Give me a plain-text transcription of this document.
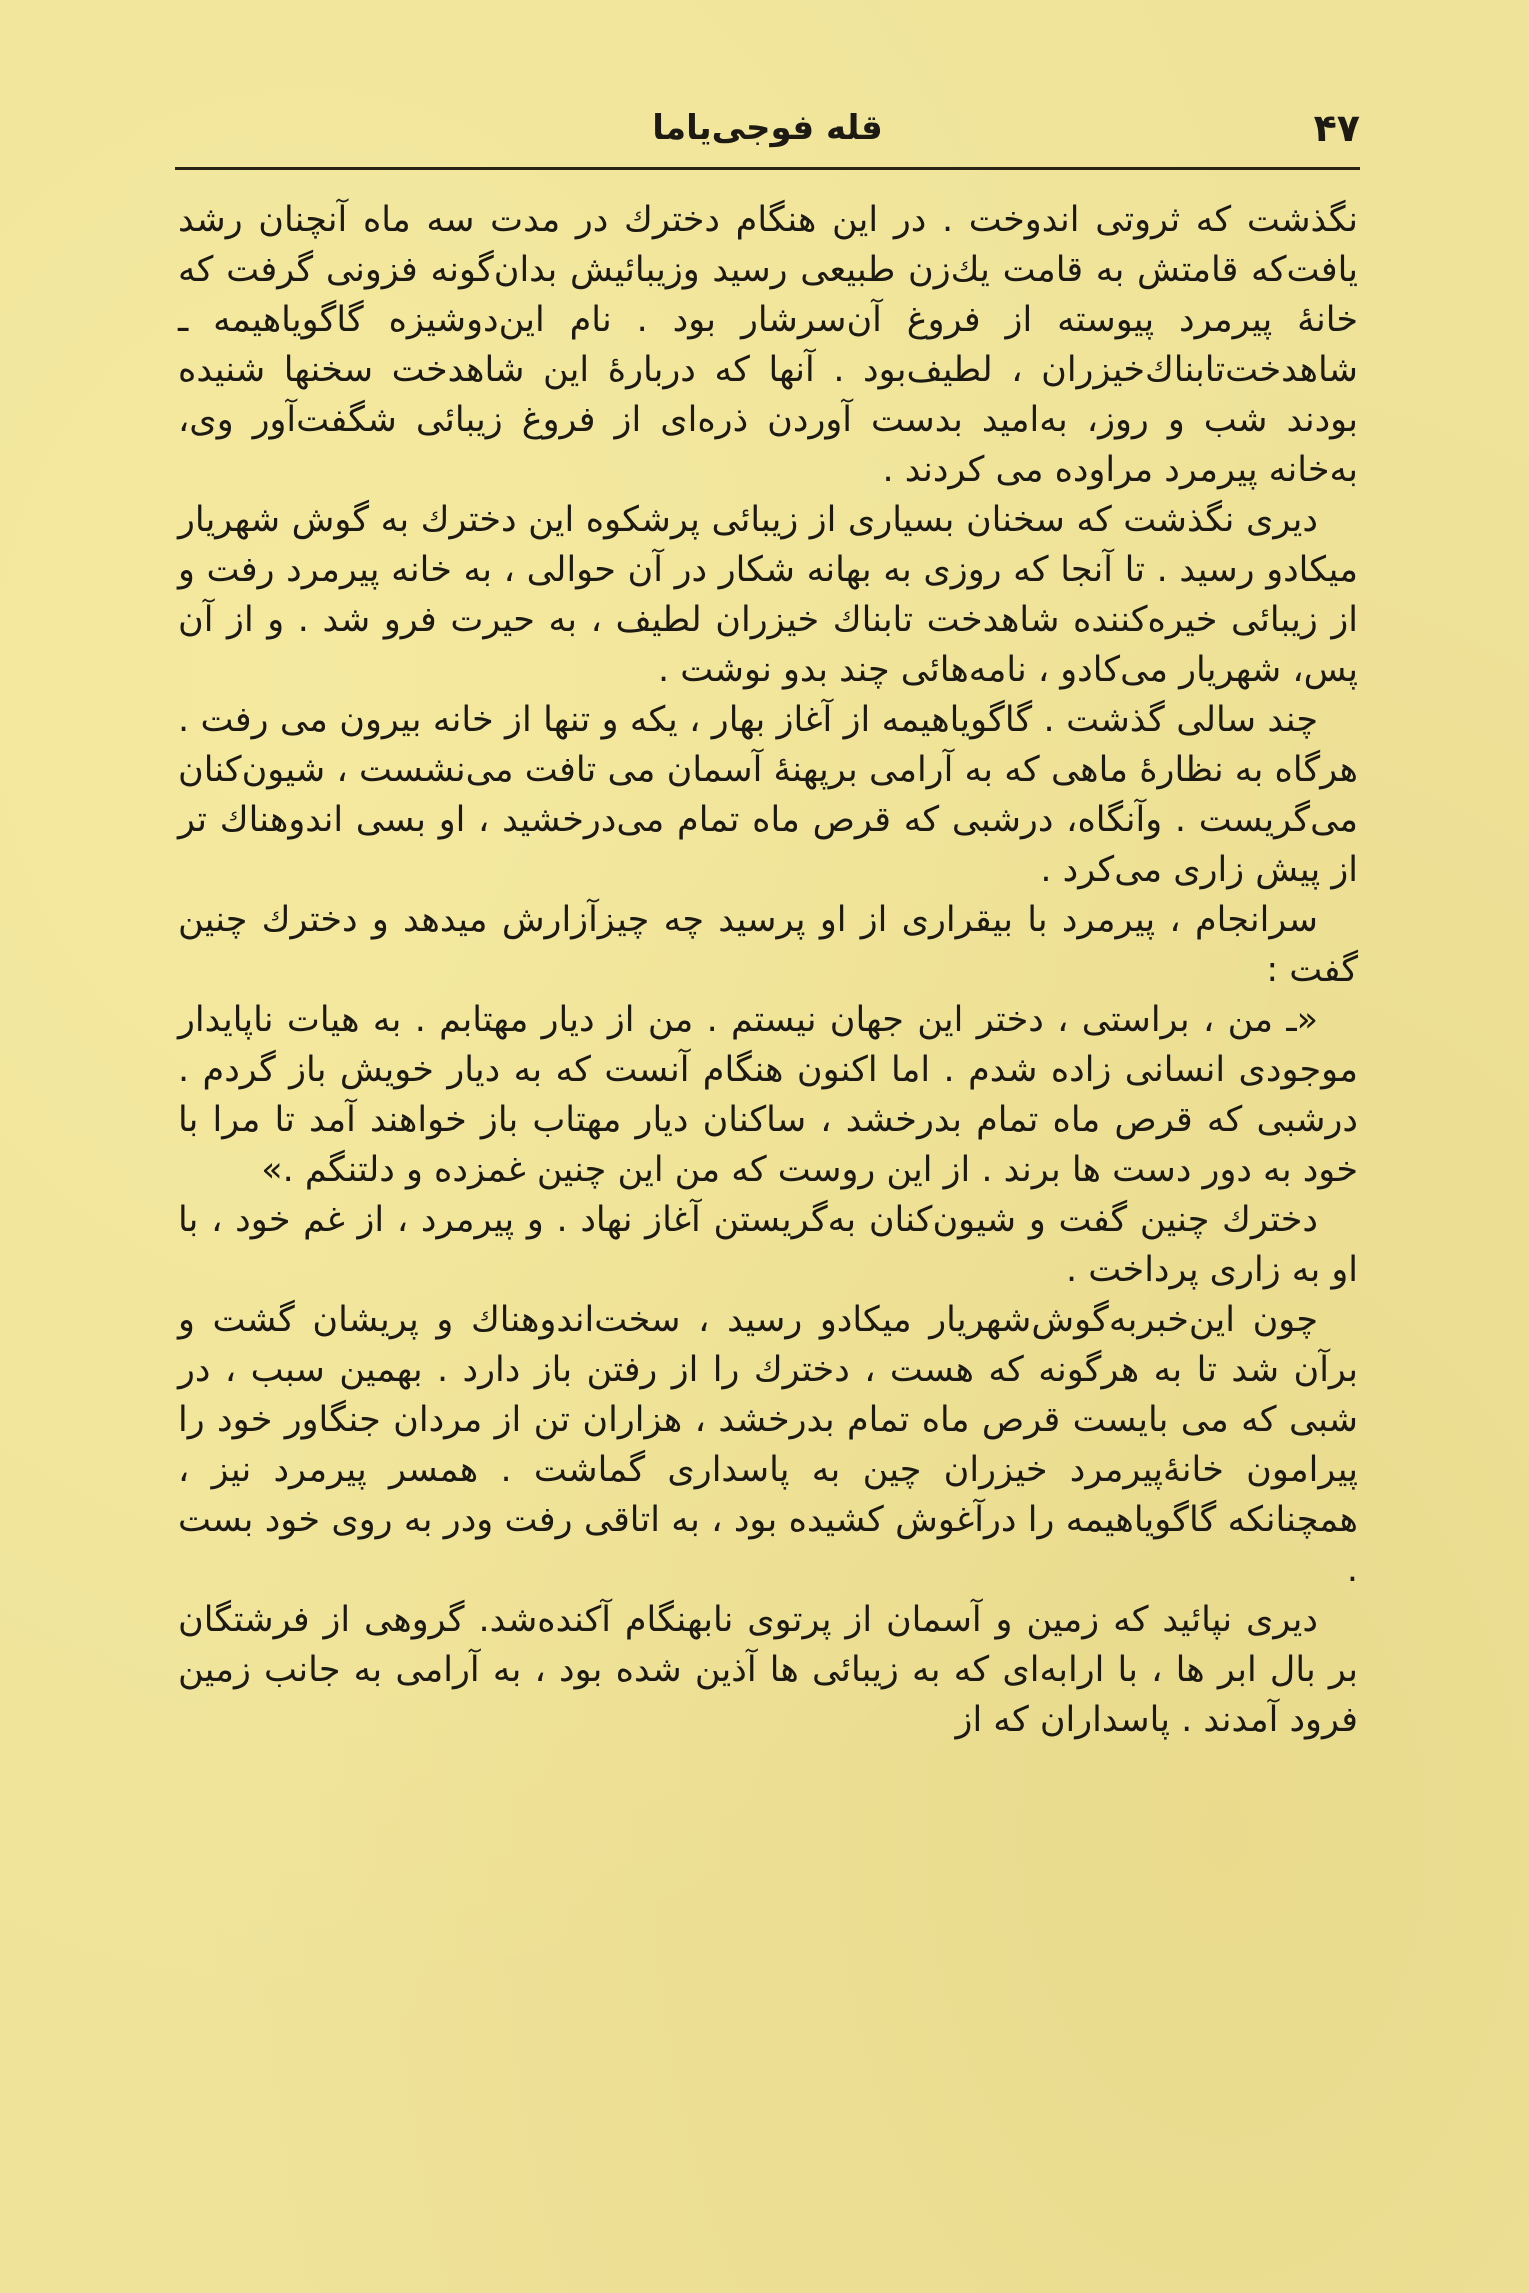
۴۷
قله فوجی‌یاما

نگذشت که ثروتی اندوخت . در این هنگام دخترك در مدت سه ماه آنچنان رشد یافت‌که قامتش به قامت یك‌زن طبیعی رسید وزیبائیش بدان‌گونه فزونی گرفت که خانهٔ پیرمرد پیوسته از فروغ آن‌سرشار بود . نام این‌دوشیزه گاگویاهیمه ـ شاهدخت‌تابناك‌خیزران ، لطیف‌بود . آنها که دربارهٔ این شاهدخت سخنها شنیده بودند شب و روز، به‌امید بدست آوردن ذره‌ای از فروغ زیبائی شگفت‌آور وی، به‌خانه پیرمرد مراوده می کردند .

دیری نگذشت که سخنان بسیاری از زیبائی پرشکوه این دخترك به گوش شهریار میکادو رسید . تا آنجا که روزی به بهانه شکار در آن حوالی ، به خانه پیرمرد رفت و از زیبائی خیره‌کننده شاهدخت تابناك خیزران لطیف ، به حیرت فرو شد . و از آن پس، شهریار می‌کادو ، نامه‌هائی چند بدو نوشت .

چند سالی گذشت . گاگویاهیمه از آغاز بهار ، یکه و تنها از خانه بیرون می رفت . هرگاه به نظارهٔ ماهی که به آرامی برپهنهٔ آسمان می تافت می‌نشست ، شیون‌کنان می‌گریست . وآنگاه، درشبی که قرص ماه تمام می‌درخشید ، او بسی اندوهناك تر از پیش زاری می‌کرد .

سرانجام ، پیرمرد با بیقراری از او پرسید چه چیزآزارش میدهد و دخترك چنین گفت :

«ـ من ، براستی ، دختر این جهان نیستم . من از دیار مهتابم . به هیات ناپایدار موجودی انسانی زاده شدم . اما اکنون هنگام آنست که به دیار خویش باز گردم . درشبی که قرص ماه تمام بدرخشد ، ساکنان دیار مهتاب باز خواهند آمد تا مرا با خود به دور دست ها برند . از این روست که من این چنین غمزده و دلتنگم .»

دخترك چنین گفت و شیون‌کنان به‌گریستن آغاز نهاد . و پیرمرد ، از غم خود ، با او به زاری پرداخت .

چون این‌خبربه‌گوش‌شهریار میکادو رسید ، سخت‌اندوهناك و پریشان گشت و برآن شد تا به هرگونه که هست ، دخترك را از رفتن باز دارد . بهمین سبب ، در شبی که می بایست قرص ماه تمام بدرخشد ، هزاران تن از مردان جنگاور خود را پیرامون خانهٔ‌پیرمرد خیزران چین به پاسداری گماشت . همسر پیرمرد نیز ، همچنانکه گاگویاهیمه را درآغوش کشیده بود ، به اتاقی رفت ودر به روی خود بست .

دیری نپائید که زمین و آسمان از پرتوی نابهنگام آکنده‌شد. گروهی از فرشتگان بر بال ابر ها ، با ارابه‌ای که به زیبائی ها آذین شده بود ، به آرامی به جانب زمین فرود آمدند . پاسداران که از
